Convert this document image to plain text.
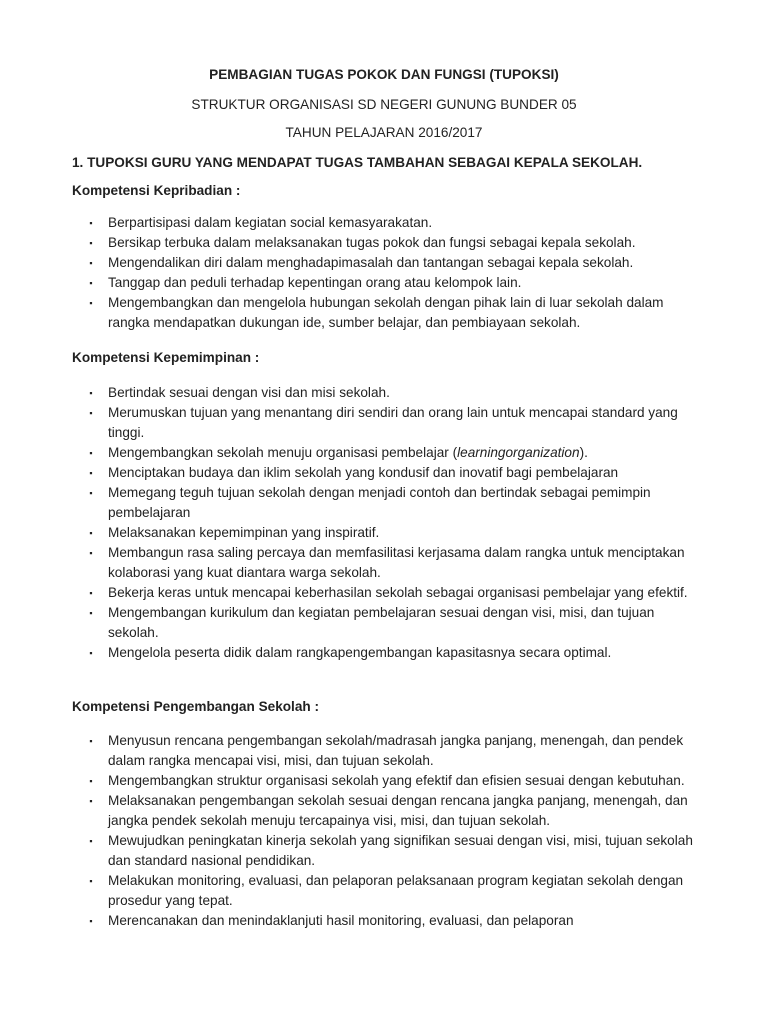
PEMBAGIAN TUGAS POKOK DAN FUNGSI (TUPOKSI)
STRUKTUR ORGANISASI SD NEGERI GUNUNG BUNDER 05
TAHUN PELAJARAN 2016/2017
1. TUPOKSI GURU YANG MENDAPAT TUGAS TAMBAHAN SEBAGAI KEPALA SEKOLAH.
Kompetensi Kepribadian :
▪ Berpartisipasi dalam kegiatan social kemasyarakatan.
▪ Bersikap terbuka dalam melaksanakan tugas pokok dan fungsi sebagai kepala sekolah.
▪ Mengendalikan diri dalam menghadapimasalah dan tantangan sebagai kepala sekolah.
▪ Tanggap dan peduli terhadap kepentingan orang atau kelompok lain.
▪ Mengembangkan dan mengelola hubungan sekolah dengan pihak lain di luar sekolah dalam rangka mendapatkan dukungan ide, sumber belajar, dan pembiayaan sekolah.
Kompetensi Kepemimpinan :
▪ Bertindak sesuai dengan visi dan misi sekolah.
▪ Merumuskan tujuan yang menantang diri sendiri dan orang lain untuk mencapai standard yang tinggi.
▪ Mengembangkan sekolah menuju organisasi pembelajar (learningorganization).
▪ Menciptakan budaya dan iklim sekolah yang kondusif dan inovatif bagi pembelajaran
▪ Memegang teguh tujuan sekolah dengan menjadi contoh dan bertindak sebagai pemimpin pembelajaran
▪ Melaksanakan kepemimpinan yang inspiratif.
▪ Membangun rasa saling percaya dan memfasilitasi kerjasama dalam rangka untuk menciptakan kolaborasi yang kuat diantara warga sekolah.
▪ Bekerja keras untuk mencapai keberhasilan sekolah sebagai organisasi pembelajar yang efektif.
▪ Mengembangan kurikulum dan kegiatan pembelajaran sesuai dengan visi, misi, dan tujuan sekolah.
▪ Mengelola peserta didik dalam rangkapengembangan kapasitasnya secara optimal.
Kompetensi Pengembangan Sekolah :
▪ Menyusun rencana pengembangan sekolah/madrasah jangka panjang, menengah, dan pendek dalam rangka mencapai visi, misi, dan tujuan sekolah.
▪ Mengembangkan struktur organisasi sekolah yang efektif dan efisien sesuai dengan kebutuhan.
▪ Melaksanakan pengembangan sekolah sesuai dengan rencana jangka panjang, menengah, dan jangka pendek sekolah menuju tercapainya visi, misi, dan tujuan sekolah.
▪ Mewujudkan peningkatan kinerja sekolah yang signifikan sesuai dengan visi, misi, tujuan sekolah dan standard nasional pendidikan.
▪ Melakukan monitoring, evaluasi, dan pelaporan pelaksanaan program kegiatan sekolah dengan prosedur yang tepat.
▪ Merencanakan dan menindaklanjuti hasil monitoring, evaluasi, dan pelaporan
